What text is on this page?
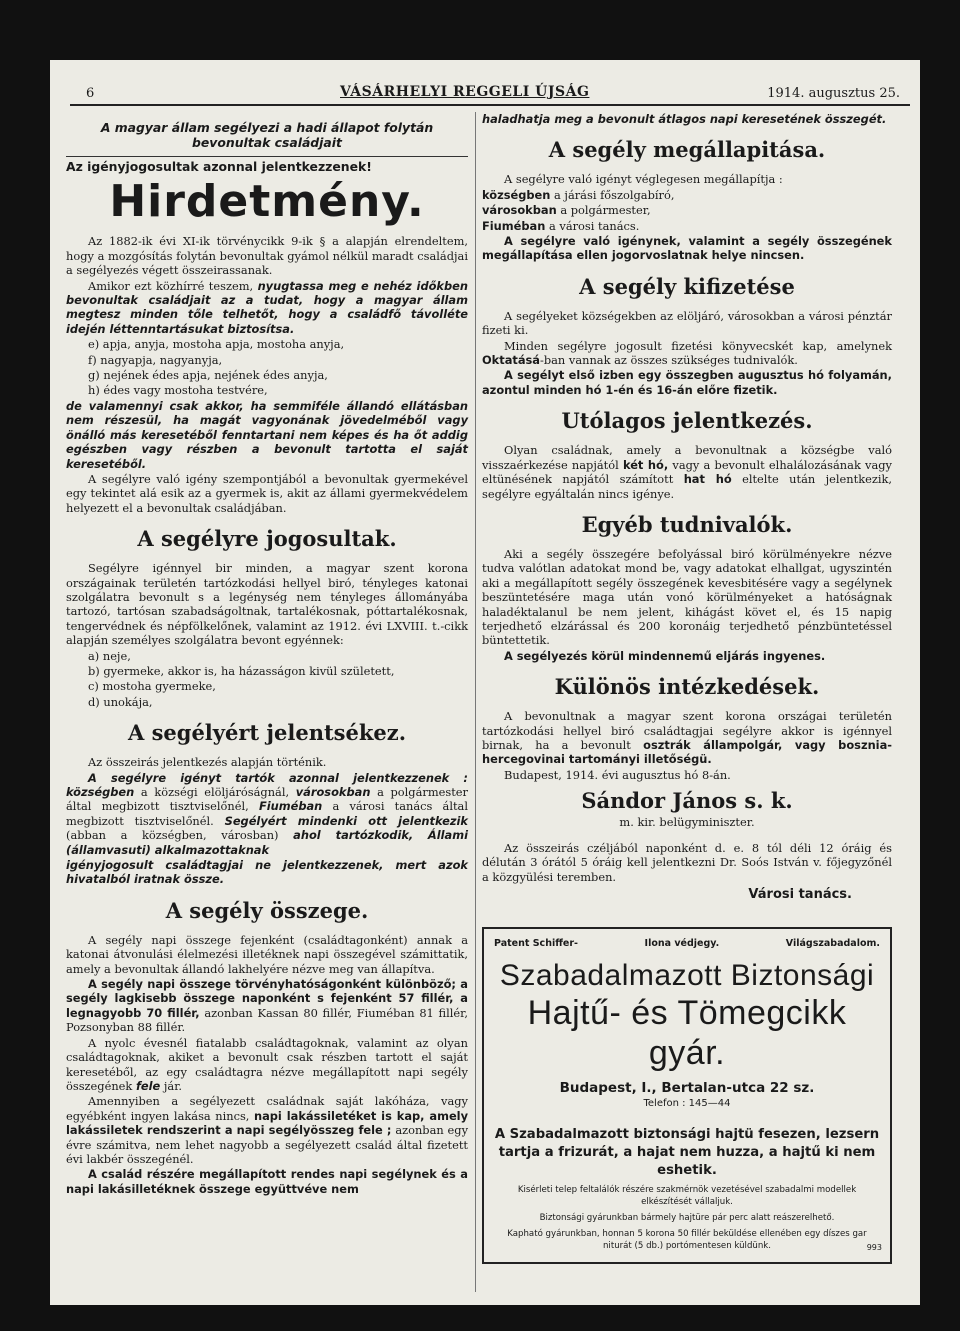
6	VÁSÁRHELYI REGGELI ÚJSÁG	1914. augusztus 25.
A magyar állam segélyezi a hadi állapot folytán bevonultak családjait
Az igényjogosultak azonnal jelentkezzenek!
Hirdetmény.

Az 1882-ik évi XI-ik törvénycikk 9-ik § a alapján elrendeltem, hogy a mozgósítás folytán bevonultak gyámol nélkül maradt családjai a segélyezés végett összeirassanak.

Amikor ezt közhírré teszem, nyugtassa meg e nehéz időkben bevonultak családjait az a tudat, hogy a magyar állam megtesz minden tőle telhetőt, hogy a családfő távolléte idején léttenntartásukat biztosítsa.

e) apja, anyja, mostoha apja, mostoha anyja,

f) nagyapja, nagyanyja,

g) nejének édes apja, nejének édes anyja,

h) édes vagy mostoha testvére,

de valamennyi csak akkor, ha semmiféle állandó ellátásban nem részesül, ha magát vagyonának jövedelméből vagy önálló más keresetéből fenntartani nem képes és ha őt addig egészben vagy részben a bevonult tartotta el saját keresetéből.

A segélyre való igény szempontjából a bevonultak gyermekével egy tekintet alá esik az a gyermek is, akit az állami gyermekvédelem helyezett el a bevonultak családjában.

A segélyre jogosultak.

Segélyre igénnyel bir minden, a magyar szent korona országainak területén tartózkodási hellyel biró, tényleges katonai szolgálatra bevonult s a legénység nem tényleges állományába tartozó, tartósan szabadságoltnak, tartalékosnak, póttartalékosnak, tengervédnek és népfölkelőnek, valamint az 1912. évi LXVIII. t.-cikk alapján személyes szolgálatra bevont egyénnek:

a) neje,

b) gyermeke, akkor is, ha házasságon kivül született,

c) mostoha gyermeke,

d) unokája,

A segélyért jelentsékez.

Az összeirás jelentkezés alapján történik.

A segélyre igényt tartók azonnal jelentkezzenek : községben a községi elöljáróságnál, városokban a polgármester által megbizott tisztviselőnél, Fiuméban a városi tanács által megbizott tisztviselőnél. Segélyért mindenki ott jelentkezik (abban a községben, városban) ahol tartózkodik, Állami (államvasuti) alkalmazottaknak

igényjogosult családtagjai ne jelentkezzenek, mert azok hivatalból iratnak össze.

A segély összege.

A segély napi összege fejenként (családtagonként) annak a katonai átvonulási élelmezési illetéknek napi összegével számittatik, amely a bevonultak állandó lakhelyére nézve meg van állapítva.

A segély napi összege törvényhatóságonként különböző; a segély lagkisebb összege naponként s fejenként 57 fillér, a legnagyobb 70 fillér, azonban Kassan 80 fillér, Fiuméban 81 fillér, Pozsonyban 88 fillér.

A nyolc évesnél fiatalabb családtagoknak, valamint az olyan családtagoknak, akiket a bevonult csak részben tartott el saját keresetéből, az egy családtagra nézve megállapított napi segély összegének fele jár.

Amennyiben a segélyezett családnak saját lakóháza, vagy egyébként ingyen lakása nincs, napi lakássiletéket is kap, amely lakássiletek rendszerint a napi segélyösszeg fele ; azonban egy évre számitva, nem lehet nagyobb a segélyezett család által fizetett évi lakbér összegénél.

A család részére megállapított rendes napi segélynek és a napi lakásilletéknek összege együttvéve nem

haladhatja meg a bevonult átlagos napi keresetének összegét.

A segély megállapitása.

A segélyre való igényt véglegesen megállapítja :

községben a járási főszolgabíró,

városokban a polgármester,

Fiuméban a városi tanács.

A segélyre való igénynek, valamint a segély összegének megállapítása ellen jogorvoslatnak helye nincsen.

A segély kifizetése

A segélyeket községekben az elöljáró, városokban a városi pénztár fizeti ki.

Minden segélyre jogosult fizetési könyvecskét kap, amelynek Oktatásá-ban vannak az összes szükséges tudnivalók.

A segélyt első izben egy összegben augusztus hó folyamán, azontul minden hó 1-én és 16-án előre fizetik.

Utólagos jelentkezés.

Olyan családnak, amely a bevonultnak a községbe való visszaérkezése napjától két hó, vagy a bevonult elhalálozásának vagy eltünésének napjától számított hat hó eltelte után jelentkezik, segélyre egyáltalán nincs igénye.

Egyéb tudnivalók.

Aki a segély összegére befolyással biró körülményekre nézve tudva valótlan adatokat mond be, vagy adatokat elhallgat, ugyszintén aki a megállapított segély összegének kevesbitésére vagy a segélynek beszüntetésére maga után vonó körülményeket a hatóságnak haladéktalanul be nem jelent, kihágást követ el, és 15 napig terjedhető elzárással és 200 koronáig terjedhető pénzbüntetéssel büntettetik.

A segélyezés körül mindennemű eljárás ingyenes.

Különös intézkedések.

A bevonultnak a magyar szent korona országai területén tartózkodási hellyel biró családtagjai segélyre akkor is igénnyel birnak, ha a bevonult osztrák állampolgár, vagy bosznia-hercegovinai tartományi illetőségü.

Budapest, 1914. évi augusztus hó 8-án.

Sándor János s. k.

m. kir. belügyminiszter.

Az összeirás czéljából naponként d. e. 8 tól déli 12 óráig és délután 3 órától 5 óráig kell jelentkezni Dr. Soós István v. főjegyzőnél a közgyülési teremben.

Városi tanács.

Patent Schiffer-	Ilona védjegy.	Világszabadalom.
Szabadalmazott Biztonsági
Hajtű- és Tömegcikk gyár.
Budapest, I., Bertalan-utca 22 sz.
Telefon : 145—44
A Szabadalmazott biztonsági hajtü fesezen, lezsern tartja a frizurát, a hajat nem huzza, a hajtű ki nem eshetik.
Kisérleti telep feltalálók részére szakmérnök vezetésével szabadalmi modellek elkészítését vállaljuk.
Biztonsági gyárunkban bármely hajtüre pár perc alatt reászerelhető.
Kapható gyárunkban, honnan 5 korona 50 fillér beküldése ellenében egy díszes gar niturát (5 db.) portómentesen küldünk.	993
